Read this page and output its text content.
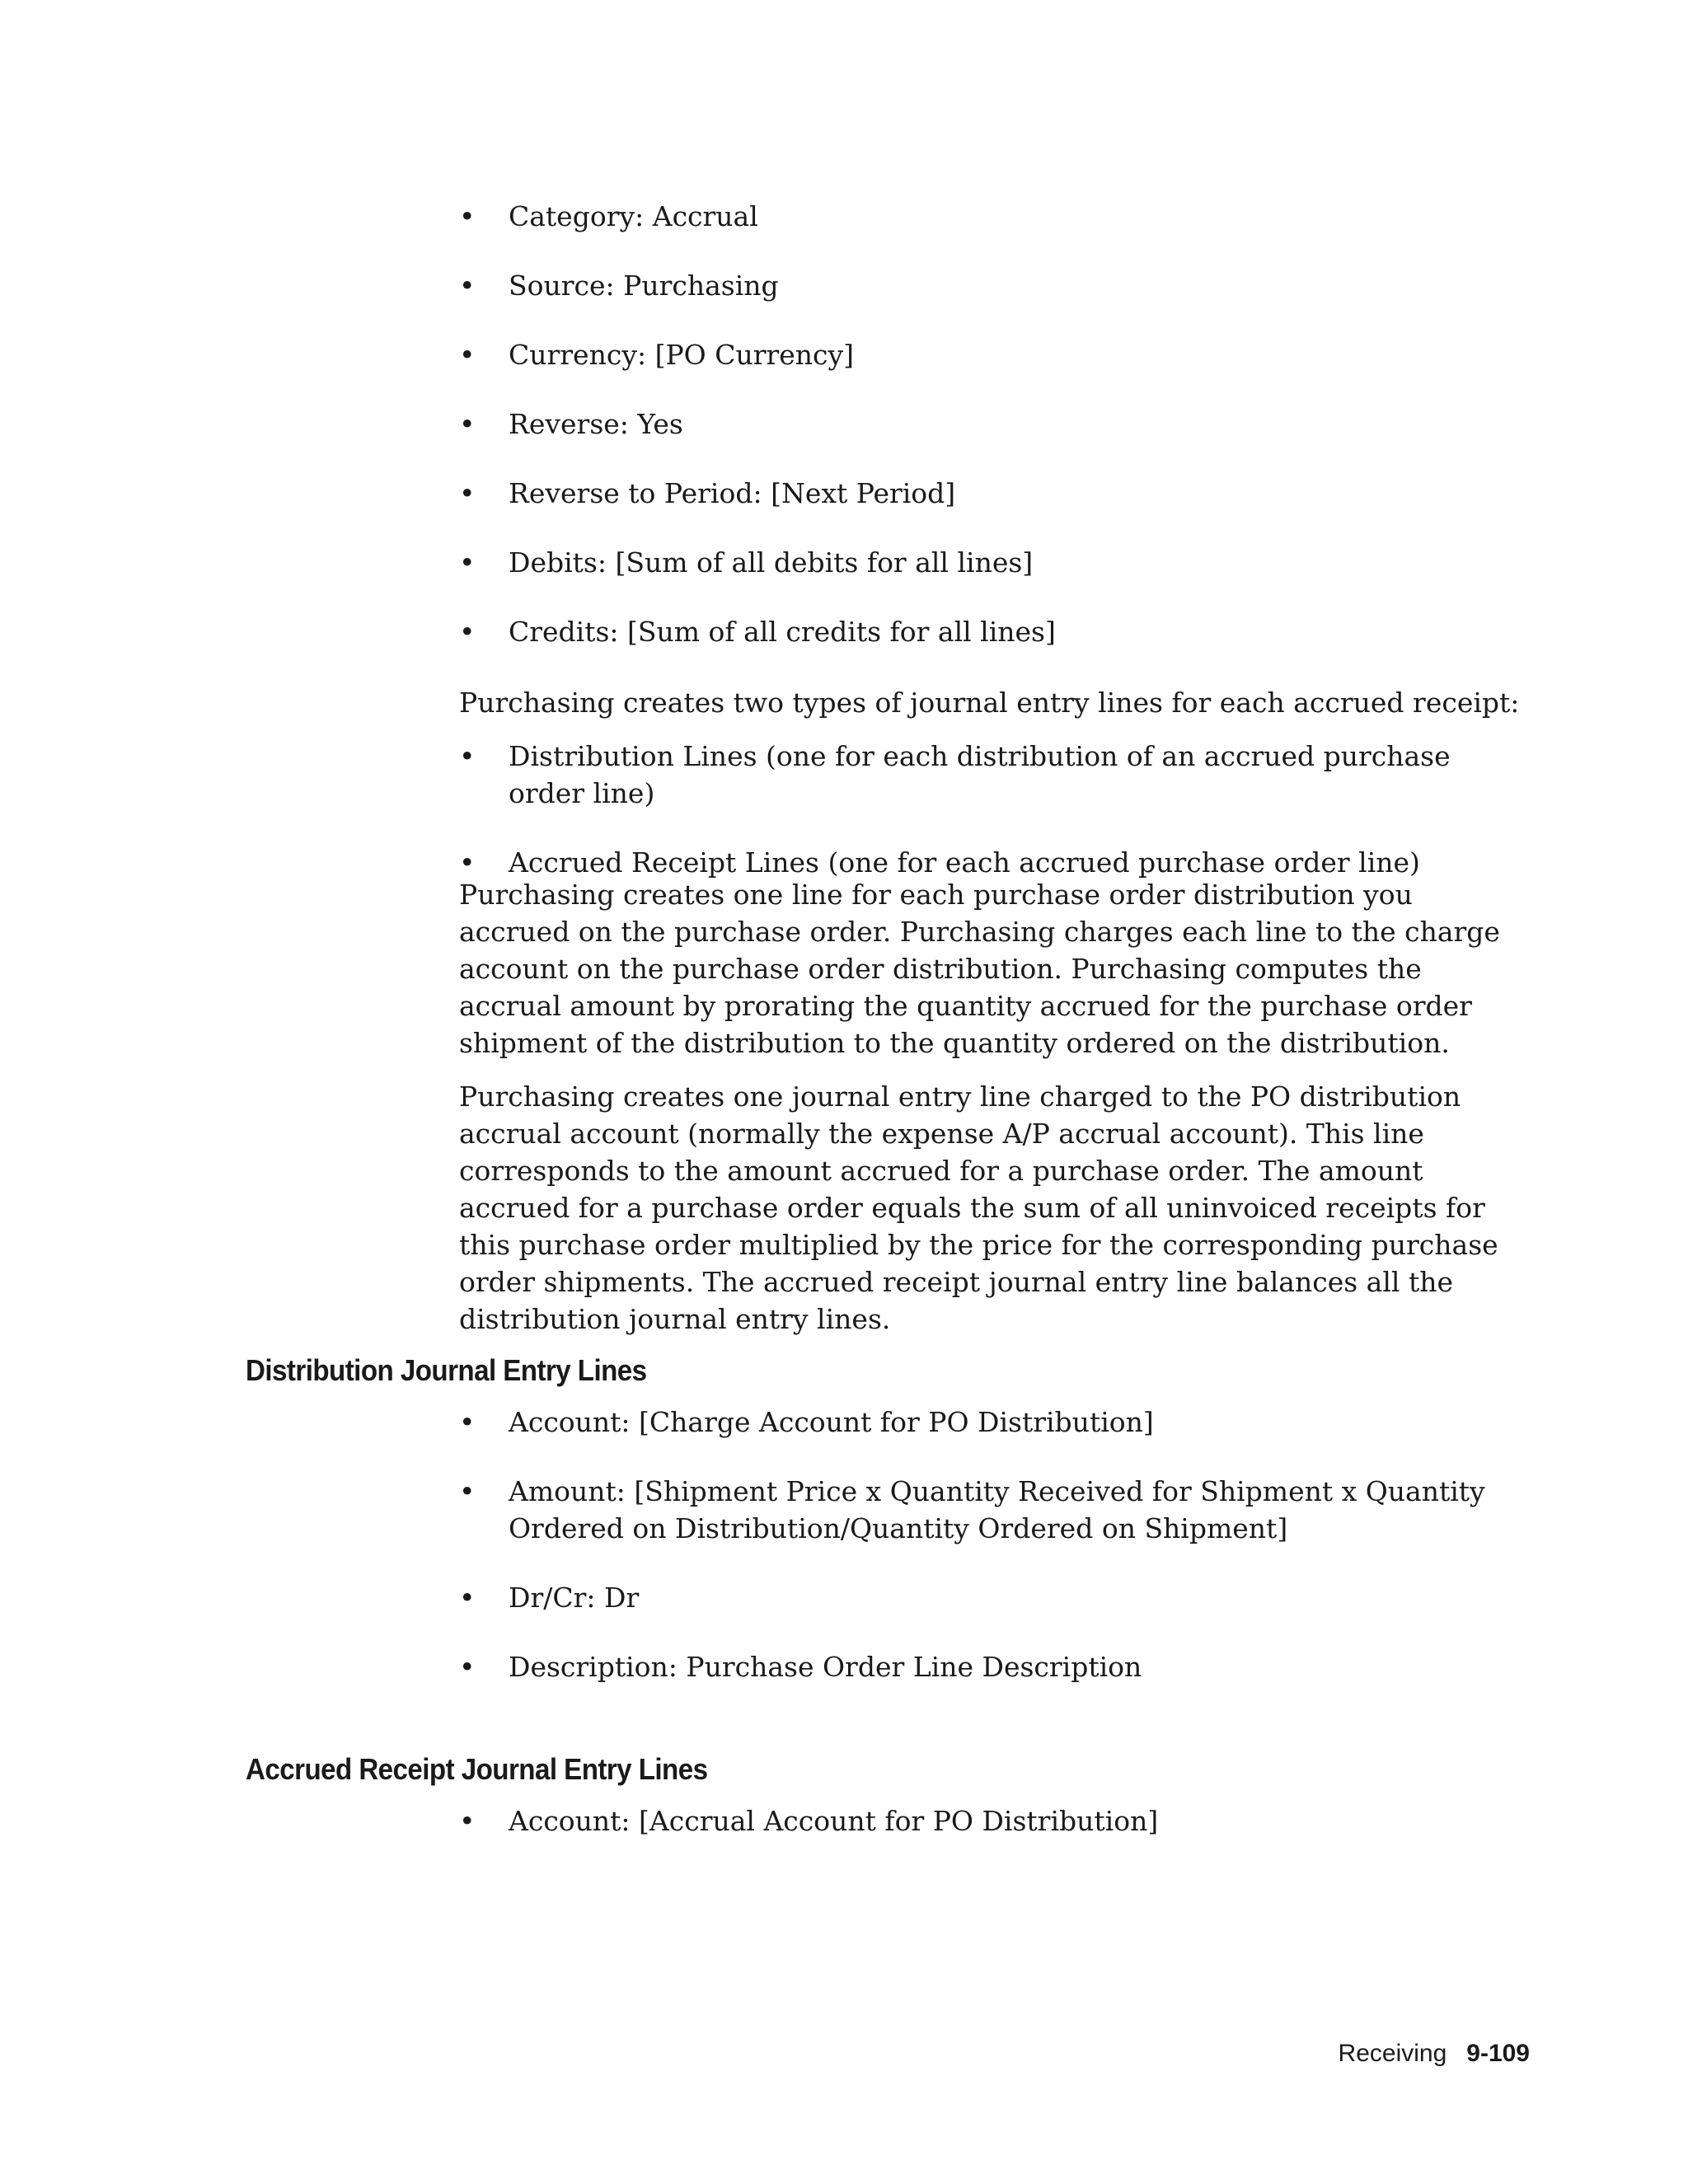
• Category: Accrual
• Source: Purchasing
• Currency: [PO Currency]
• Reverse: Yes
• Reverse to Period: [Next Period]
• Debits: [Sum of all debits for all lines]
• Credits: [Sum of all credits for all lines]

Purchasing creates two types of journal entry lines for each accrued receipt:

• Distribution Lines (one for each distribution of an accrued purchase order line)
• Accrued Receipt Lines (one for each accrued purchase order line)

Purchasing creates one line for each purchase order distribution you accrued on the purchase order. Purchasing charges each line to the charge account on the purchase order distribution. Purchasing computes the accrual amount by prorating the quantity accrued for the purchase order shipment of the distribution to the quantity ordered on the distribution.

Purchasing creates one journal entry line charged to the PO distribution accrual account (normally the expense A/P accrual account). This line corresponds to the amount accrued for a purchase order. The amount accrued for a purchase order equals the sum of all uninvoiced receipts for this purchase order multiplied by the price for the corresponding purchase order shipments. The accrued receipt journal entry line balances all the distribution journal entry lines.

Distribution Journal Entry Lines
• Account: [Charge Account for PO Distribution]
• Amount: [Shipment Price x Quantity Received for Shipment x Quantity Ordered on Distribution/Quantity Ordered on Shipment]
• Dr/Cr: Dr
• Description: Purchase Order Line Description
Accrued Receipt Journal Entry Lines
• Account: [Accrual Account for PO Distribution]
Receiving 9-109
